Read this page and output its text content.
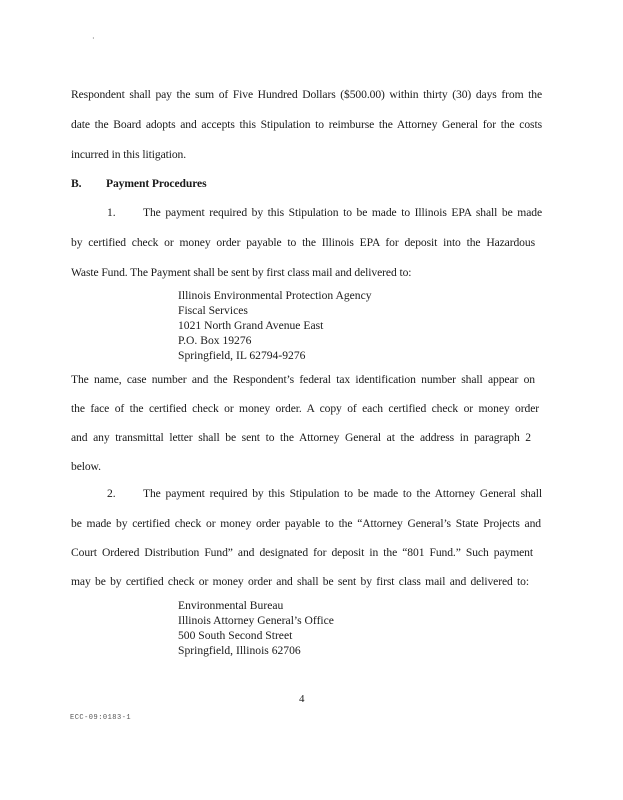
·
Respondent shall pay the sum of Five Hundred Dollars ($500.00) within thirty (30) days from the
date the Board adopts and accepts this Stipulation to reimburse the Attorney General for the costs
incurred in this litigation.
B. Payment Procedures
1. The payment required by this Stipulation to be made to Illinois EPA shall be made
by certified check or money order payable to the Illinois EPA for deposit into the Hazardous
Waste Fund. The Payment shall be sent by first class mail and delivered to:
Illinois Environmental Protection Agency
Fiscal Services
1021 North Grand Avenue East
P.O. Box 19276
Springfield, IL 62794-9276
The name, case number and the Respondent’s federal tax identification number shall appear on
the face of the certified check or money order. A copy of each certified check or money order
and any transmittal letter shall be sent to the Attorney General at the address in paragraph 2
below.
2. The payment required by this Stipulation to be made to the Attorney General shall
be made by certified check or money order payable to the “Attorney General’s State Projects and
Court Ordered Distribution Fund” and designated for deposit in the “801 Fund.” Such payment
may be by certified check or money order and shall be sent by first class mail and delivered to:
Environmental Bureau
Illinois Attorney General’s Office
500 South Second Street
Springfield, Illinois 62706
4
ECC-09:0183-1
